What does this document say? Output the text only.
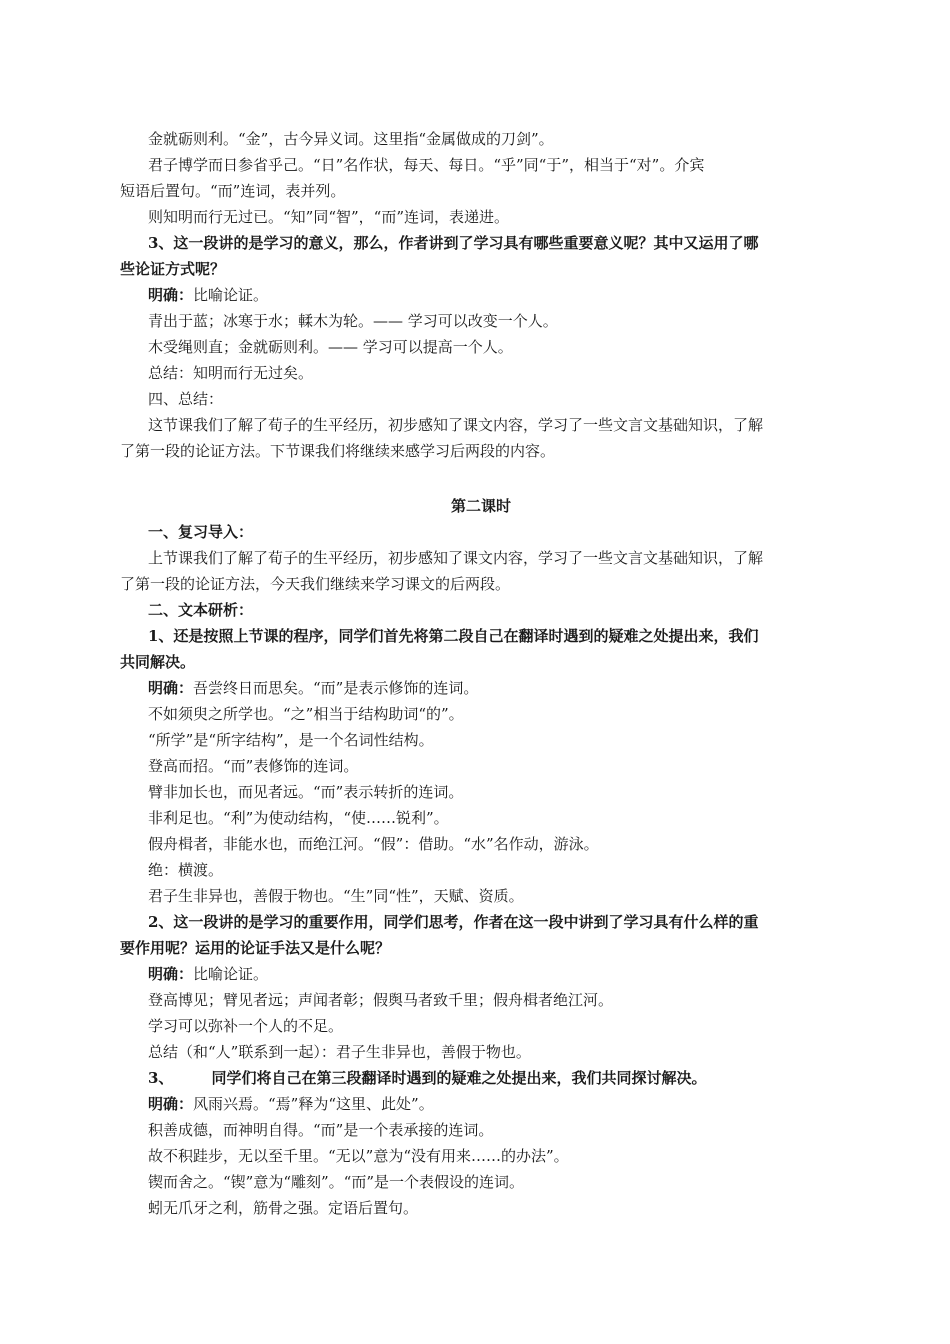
金就砺则利。“金”，古今异义词。这里指“金属做成的刀剑”。
君子博学而日参省乎己。“日”名作状，每天、每日。“乎”同“于”，相当于“对”。介宾
短语后置句。“而”连词，表并列。
则知明而行无过已。“知”同“智”，“而”连词，表递进。
3、这一段讲的是学习的意义，那么，作者讲到了学习具有哪些重要意义呢？其中又运用了哪
些论证方式呢？
明确：比喻论证。
青出于蓝；冰寒于水；輮木为轮。—— 学习可以改变一个人。
木受绳则直；金就砺则利。—— 学习可以提高一个人。
总结：知明而行无过矣。
四、总结：
这节课我们了解了荀子的生平经历，初步感知了课文内容，学习了一些文言文基础知识，了解
了第一段的论证方法。下节课我们将继续来感学习后两段的内容。
第二课时
一、复习导入：
上节课我们了解了荀子的生平经历，初步感知了课文内容，学习了一些文言文基础知识，了解
了第一段的论证方法，今天我们继续来学习课文的后两段。
二、文本研析：
1、还是按照上节课的程序，同学们首先将第二段自己在翻译时遇到的疑难之处提出来，我们
共同解决。
明确：吾尝终日而思矣。“而”是表示修饰的连词。
不如须臾之所学也。“之”相当于结构助词“的”。
“所学”是“所字结构”，是一个名词性结构。
登高而招。“而”表修饰的连词。
臂非加长也，而见者远。“而”表示转折的连词。
非利足也。“利”为使动结构，“使……锐利”。
假舟楫者，非能水也，而绝江河。“假”：借助。“水”名作动，游泳。
绝：横渡。
君子生非异也，善假于物也。“生”同“性”，天赋、资质。
2、这一段讲的是学习的重要作用，同学们思考，作者在这一段中讲到了学习具有什么样的重
要作用呢？运用的论证手法又是什么呢？
明确：比喻论证。
登高博见；臂见者远；声闻者彰；假舆马者致千里；假舟楫者绝江河。
学习可以弥补一个人的不足。
总结（和“人”联系到一起）：君子生非异也，善假于物也。
3、	同学们将自己在第三段翻译时遇到的疑难之处提出来，我们共同探讨解决。
明确：风雨兴焉。“焉”释为“这里、此处”。
积善成德，而神明自得。“而”是一个表承接的连词。
故不积跬步，无以至千里。“无以”意为“没有用来……的办法”。
锲而舍之。“锲”意为“雕刻”。“而”是一个表假设的连词。
蚓无爪牙之利，筋骨之强。定语后置句。
